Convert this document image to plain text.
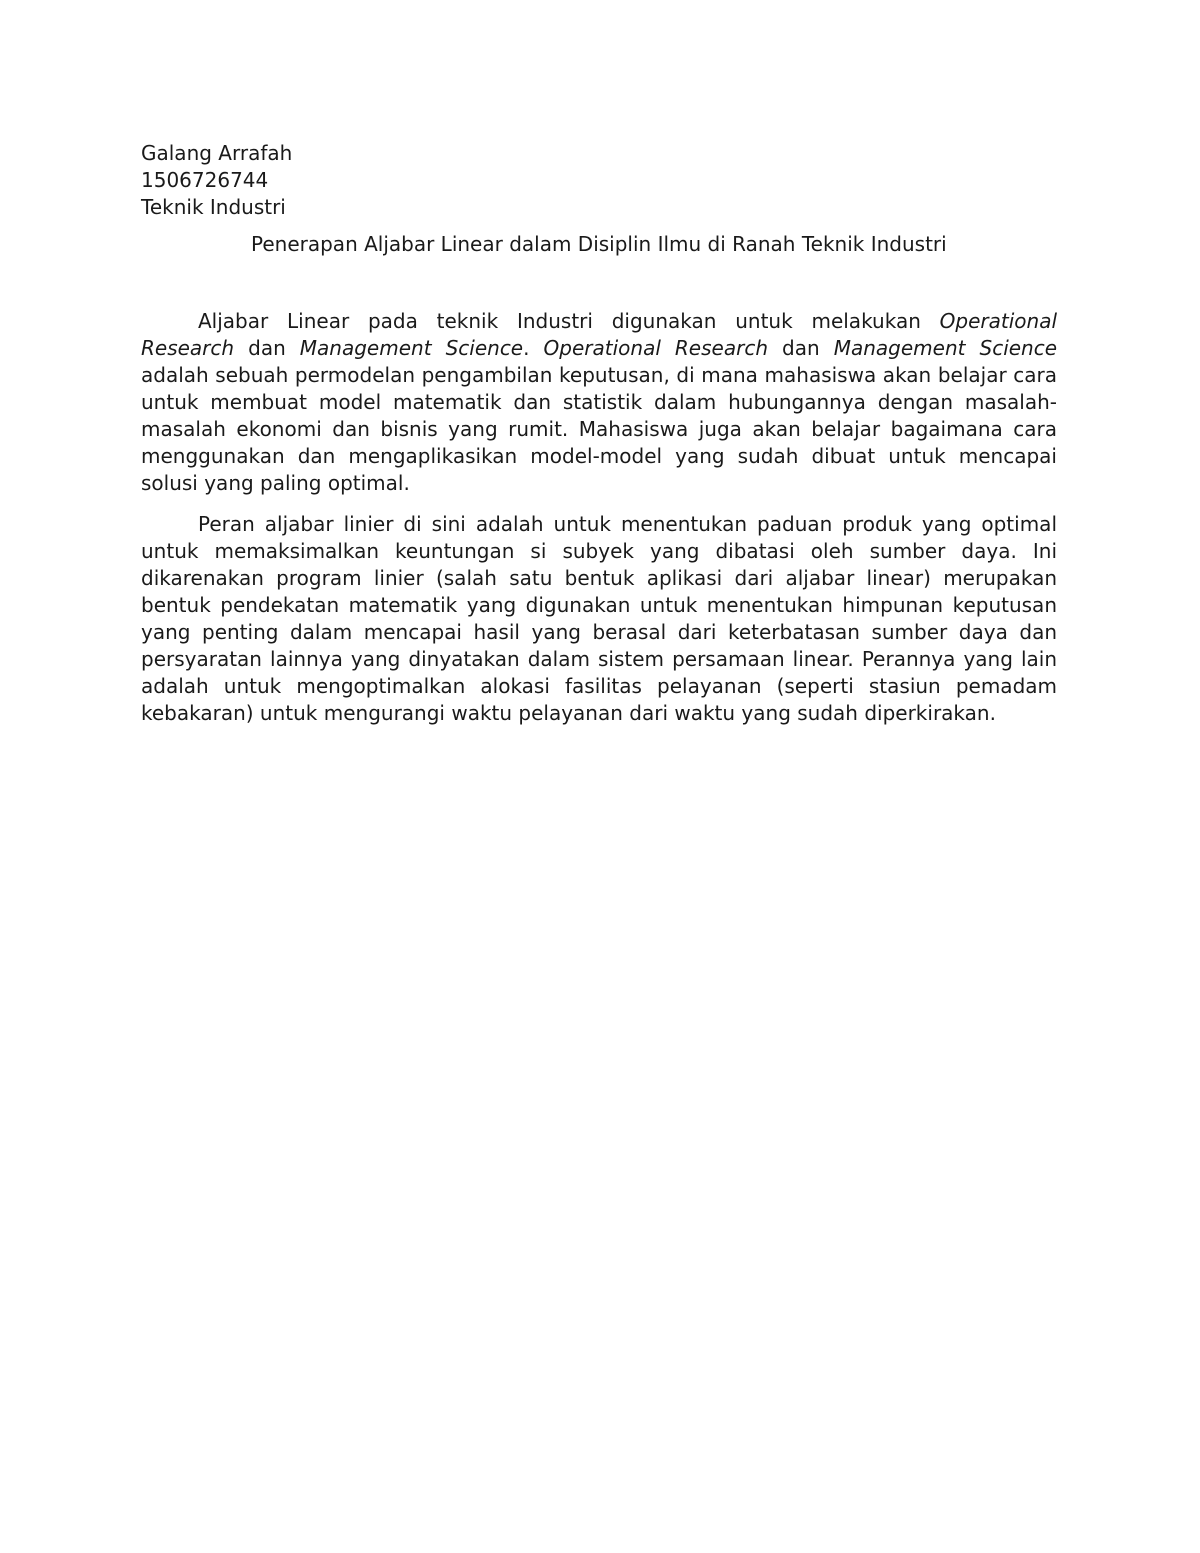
Galang Arrafah

1506726744

Teknik Industri

Penerapan Aljabar Linear dalam Disiplin Ilmu di Ranah Teknik Industri

Aljabar Linear pada teknik Industri digunakan untuk melakukan Operational Research dan Management Science. Operational Research dan Management Science adalah sebuah permodelan pengambilan keputusan, di mana mahasiswa akan belajar cara untuk membuat model matematik dan statistik dalam hubungannya dengan masalah-masalah ekonomi dan bisnis yang rumit. Mahasiswa juga akan belajar bagaimana cara menggunakan dan mengaplikasikan model-model yang sudah dibuat untuk mencapai solusi yang paling optimal.

Peran aljabar linier di sini adalah untuk menentukan paduan produk yang optimal untuk memaksimalkan keuntungan si subyek yang dibatasi oleh sumber daya. Ini dikarenakan program linier (salah satu bentuk aplikasi dari aljabar linear) merupakan bentuk pendekatan matematik yang digunakan untuk menentukan himpunan keputusan yang penting dalam mencapai hasil yang berasal dari keterbatasan sumber daya dan persyaratan lainnya yang dinyatakan dalam sistem persamaan linear. Perannya yang lain adalah untuk mengoptimalkan alokasi fasilitas pelayanan (seperti stasiun pemadam kebakaran) untuk mengurangi waktu pelayanan dari waktu yang sudah diperkirakan.
